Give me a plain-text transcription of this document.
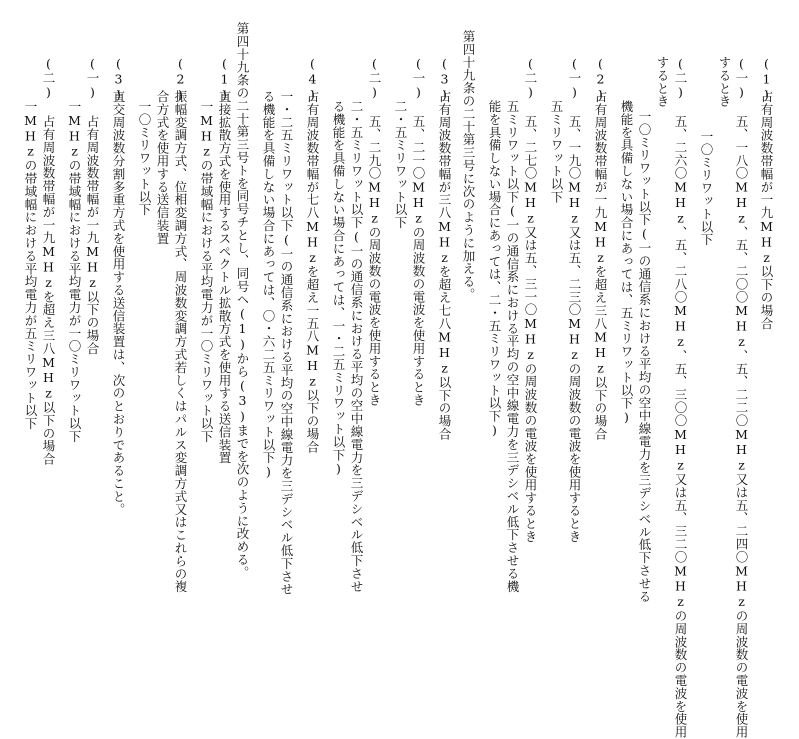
(1)
占有周波数帯幅が一九MHz以下の場合
(一) 五、一八〇MHz、五、二〇〇MHz、五、二二〇MHz又は五、二四〇MHzの周波数の電波を使用
するとき
一〇ミリワット以下
(二) 五、二六〇MHz、五、二八〇MHz、五、三〇〇MHz又は五、三二〇MHzの周波数の電波を使用
するとき
一〇ミリワット以下(一の通信系における平均の空中線電力を三デシベル低下させる
機能を具備しない場合にあっては、五ミリワット以下)
(2)
占有周波数帯幅が一九MHzを超え三八MHz以下の場合
(一) 五、一九〇MHz又は五、二三〇MHzの周波数の電波を使用するとき
五ミリワット以下
(二) 五、二七〇MHz又は五、三一〇MHzの周波数の電波を使用するとき
五ミリワット以下(一の通信系における平均の空中線電力を三デシベル低下させる機
能を具備しない場合にあっては、二・五ミリワット以下)
第四十九条の二十第三号に次のように加える。
(3)
占有周波数帯幅が三八MHzを超え七八MHz以下の場合
(一) 五、二一〇MHzの周波数の電波を使用するとき
二・五ミリワット以下
(二) 五、二九〇MHzの周波数の電波を使用するとき
二・五ミリワット以下(一の通信系における平均の空中線電力を三デシベル低下させ
る機能を具備しない場合にあっては、一・二五ミリワット以下)
(4)
占有周波数帯幅が七八MHzを超え一五八MHz以下の場合
一・二五ミリワット以下(一の通信系における平均の空中線電力を三デシベル低下させ
る機能を具備しない場合にあっては、〇・六二五ミリワット以下)
第四十九条の二十第三号トを同号チとし、同号ヘ(1)から(3)までを次のように改める。
(1)
直接拡散方式を使用するスペクトル拡散方式を使用する送信装置
一MHzの帯域幅における平均電力が一〇ミリワット以下
(2)
振幅変調方式、位相変調方式、周波数変調方式若しくはパルス変調方式又はこれらの複
合方式を使用する送信装置
一〇ミリワット以下
(3)
直交周波数分割多重方式を使用する送信装置は、次のとおりであること。
(一) 占有周波数帯幅が一九MHz以下の場合
一MHzの帯域幅における平均電力が一〇ミリワット以下
(二) 占有周波数帯幅が一九MHzを超え三八MHz以下の場合
一MHzの帯域幅における平均電力が五ミリワット以下
